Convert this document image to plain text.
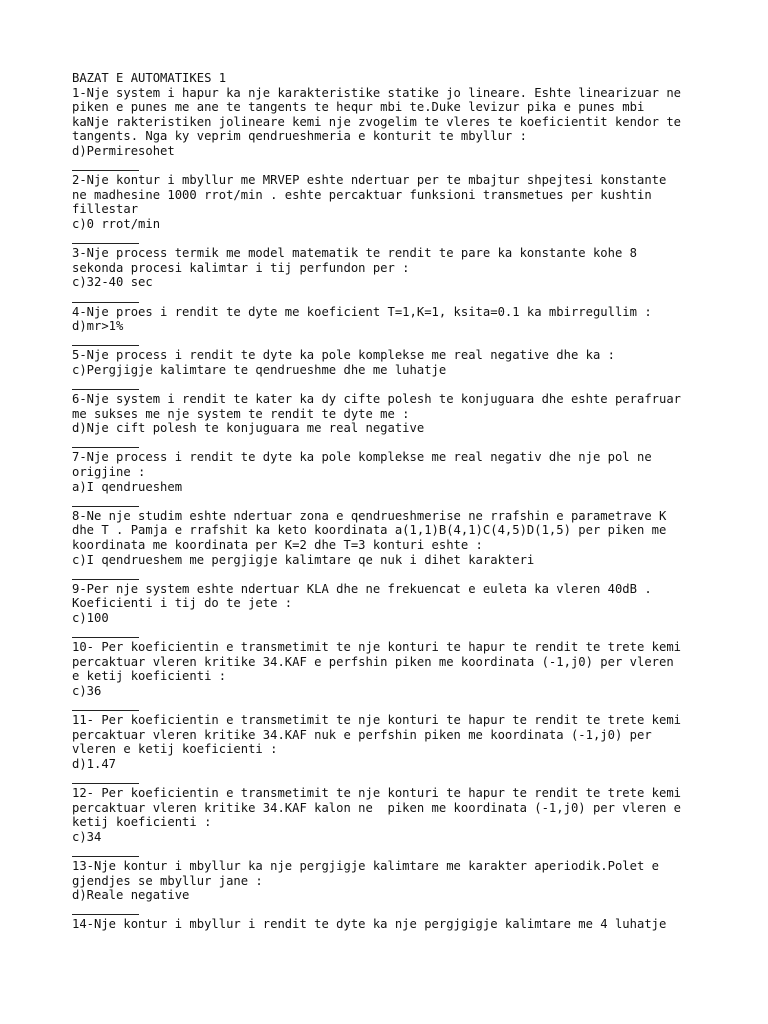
BAZAT E AUTOMATIKES 1
1-Nje system i hapur ka nje karakteristike statike jo lineare. Eshte linearizuar ne
piken e punes me ane te tangents te hequr mbi te.Duke levizur pika e punes mbi
kaNje rakteristiken jolineare kemi nje zvogelim te vleres te koeficientit kendor te
tangents. Nga ky veprim qendrueshmeria e konturit te mbyllur :
d)Permiresohet
2-Nje kontur i mbyllur me MRVEP eshte ndertuar per te mbajtur shpejtesi konstante
ne madhesine 1000 rrot/min . eshte percaktuar funksioni transmetues per kushtin
fillestar
c)0 rrot/min
3-Nje process termik me model matematik te rendit te pare ka konstante kohe 8
sekonda procesi kalimtar i tij perfundon per :
c)32-40 sec
4-Nje proes i rendit te dyte me koeficient T=1,K=1, ksita=0.1 ka mbirregullim :
d)mr>1%
5-Nje process i rendit te dyte ka pole komplekse me real negative dhe ka :
c)Pergjigje kalimtare te qendrueshme dhe me luhatje
6-Nje system i rendit te kater ka dy cifte polesh te konjuguara dhe eshte perafruar
me sukses me nje system te rendit te dyte me :
d)Nje cift polesh te konjuguara me real negative
7-Nje process i rendit te dyte ka pole komplekse me real negativ dhe nje pol ne
origjine :
a)I qendrueshem
8-Ne nje studim eshte ndertuar zona e qendrueshmerise ne rrafshin e parametrave K
dhe T . Pamja e rrafshit ka keto koordinata a(1,1)B(4,1)C(4,5)D(1,5) per piken me
koordinata me koordinata per K=2 dhe T=3 konturi eshte :
c)I qendrueshem me pergjigje kalimtare qe nuk i dihet karakteri
9-Per nje system eshte ndertuar KLA dhe ne frekuencat e euleta ka vleren 40dB .
Koeficienti i tij do te jete :
c)100
10- Per koeficientin e transmetimit te nje konturi te hapur te rendit te trete kemi
percaktuar vleren kritike 34.KAF e perfshin piken me koordinata (-1,j0) per vleren
e ketij koeficienti :
c)36
11- Per koeficientin e transmetimit te nje konturi te hapur te rendit te trete kemi
percaktuar vleren kritike 34.KAF nuk e perfshin piken me koordinata (-1,j0) per
vleren e ketij koeficienti :
d)1.47
12- Per koeficientin e transmetimit te nje konturi te hapur te rendit te trete kemi
percaktuar vleren kritike 34.KAF kalon ne  piken me koordinata (-1,j0) per vleren e
ketij koeficienti :
c)34
13-Nje kontur i mbyllur ka nje pergjigje kalimtare me karakter aperiodik.Polet e
gjendjes se mbyllur jane :
d)Reale negative
14-Nje kontur i mbyllur i rendit te dyte ka nje pergjgigje kalimtare me 4 luhatje
